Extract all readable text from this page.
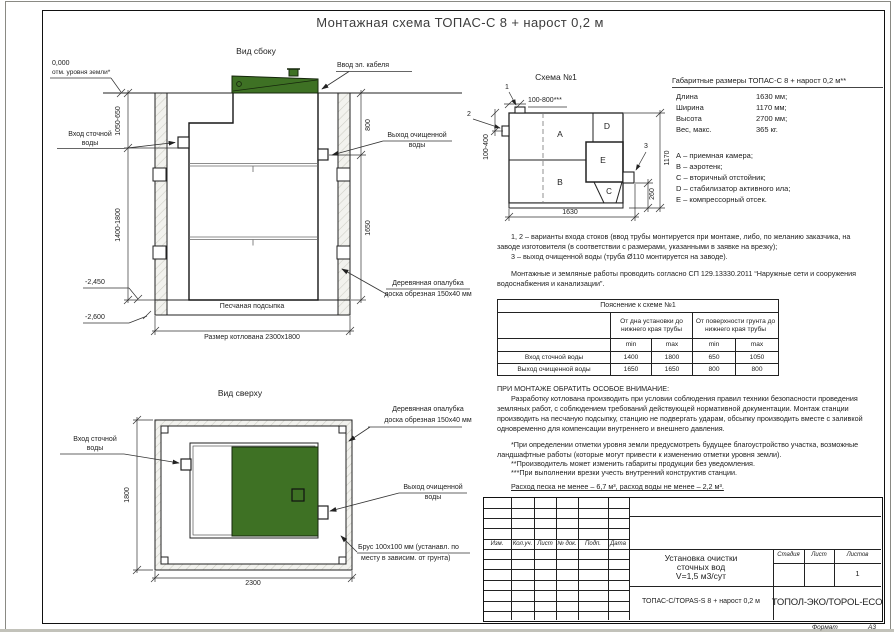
Монтажная схема ТОПАС-С 8 + нарост 0,2 м
Вид сбоку
0,000
отм. уровня земли*
Вход сточной
воды
Ввод эл. кабеля
Выход очищенной
воды
1050-650
1400-1800
800
1650
-2,450
-2,600
Деревянная опалубка
доска обрезная 150x40 мм
Песчаная подсыпка
Размер котлована 2300x1800
Вид сверху
Вход сточной
воды
Деревянная опалубка
доска обрезная 150x40 мм
Выход очищенной
воды
Брус 100x100 мм (устанавл. по
месту в зависим. от грунта)
1800
2300
Схема №1
1
2
3
100-800***
100-400	1170
260
1630
A
B
C
D
E
Габаритные размеры ТОПАС-С 8 + нарост 0,2 м**
Длина	1630 мм;
Ширина	1170 мм;
Высота	2700 мм;
Вес, макс.	365 кг.
А – приемная камера;
В – аэротенк;
С – вторичный отстойник;
D – стабилизатор активного ила;
Е – компрессорный отсек.
1, 2 – варианты входа стоков (ввод трубы монтируется при монтаже, либо, по желанию заказчика, на
заводе изготовителя (в соответствии с размерами, указанными в заявке на врезку);
3 – выход очищенной воды (труба Ø110 монтируется на заводе).
Монтажные и земляные работы проводить согласно СП 129.13330.2011 “Наружные сети и сооружения
водоснабжения и канализации”.
Пояснение к схеме №1				
	От дна установки до нижнего края трубы		От поверхности грунта до нижнего края трубы	
	min	max	min	max
Вход сточной воды	1400	1800	650	1050
Выход очищенной воды	1650	1650	800	800
ПРИ МОНТАЖЕ ОБРАТИТЬ ОСОБОЕ ВНИМАНИЕ:
Разработку котлована производить при условии соблюдения правил техники безопасности проведения
земляных работ, с соблюдением требований действующей нормативной документации. Монтаж станции
производить на песчаную подсыпку, станцию не подвергать ударам, обсыпку производить вместе с заливкой
одновременно для компенсации внутреннего и внешнего давления.
*При определении отметки уровня земли предусмотреть будущее благоустройство участка, возможные
ландшафтные работы (которые могут привести к изменению отметки уровня земли).
**Производитель может изменить габариты продукции без уведомления.
***При выполнении врезки учесть внутренний конструктив станции.
Расход песка не менее – 6,7 м³, расход воды не менее – 2,2 м³.
Изм. Кол.уч. Лист № док. Подп. Дата
Установка очистки
сточных вод
V=1,5 м3/сут
ТОПАС-С/TOPAS-S 8 + нарост 0,2 м
Стадия Лист	Листов
1
ТОПОЛ-ЭКО/TOPOL-ECO
Формат	А3
